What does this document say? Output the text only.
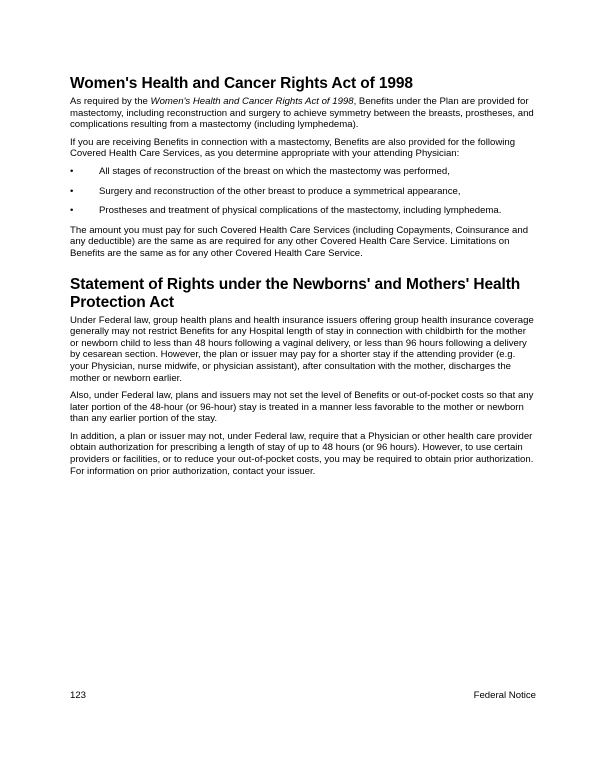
Women's Health and Cancer Rights Act of 1998

As required by the Women's Health and Cancer Rights Act of 1998, Benefits under the Plan are provided for mastectomy, including reconstruction and surgery to achieve symmetry between the breasts, prostheses, and complications resulting from a mastectomy (including lymphedema).

If you are receiving Benefits in connection with a mastectomy, Benefits are also provided for the following Covered Health Care Services, as you determine appropriate with your attending Physician:

•	All stages of reconstruction of the breast on which the mastectomy was performed,
•	Surgery and reconstruction of the other breast to produce a symmetrical appearance,
•	Prostheses and treatment of physical complications of the mastectomy, including lymphedema.

The amount you must pay for such Covered Health Care Services (including Copayments, Coinsurance and any deductible) are the same as are required for any other Covered Health Care Service. Limitations on Benefits are the same as for any other Covered Health Care Service.

Statement of Rights under the Newborns' and Mothers' Health Protection Act

Under Federal law, group health plans and health insurance issuers offering group health insurance coverage generally may not restrict Benefits for any Hospital length of stay in connection with childbirth for the mother or newborn child to less than 48 hours following a vaginal delivery, or less than 96 hours following a delivery by cesarean section. However, the plan or issuer may pay for a shorter stay if the attending provider (e.g. your Physician, nurse midwife, or physician assistant), after consultation with the mother, discharges the mother or newborn earlier.

Also, under Federal law, plans and issuers may not set the level of Benefits or out-of-pocket costs so that any later portion of the 48-hour (or 96-hour) stay is treated in a manner less favorable to the mother or newborn than any earlier portion of the stay.

In addition, a plan or issuer may not, under Federal law, require that a Physician or other health care provider obtain authorization for prescribing a length of stay of up to 48 hours (or 96 hours). However, to use certain providers or facilities, or to reduce your out-of-pocket costs, you may be required to obtain prior authorization. For information on prior authorization, contact your issuer.

123	Federal Notice
